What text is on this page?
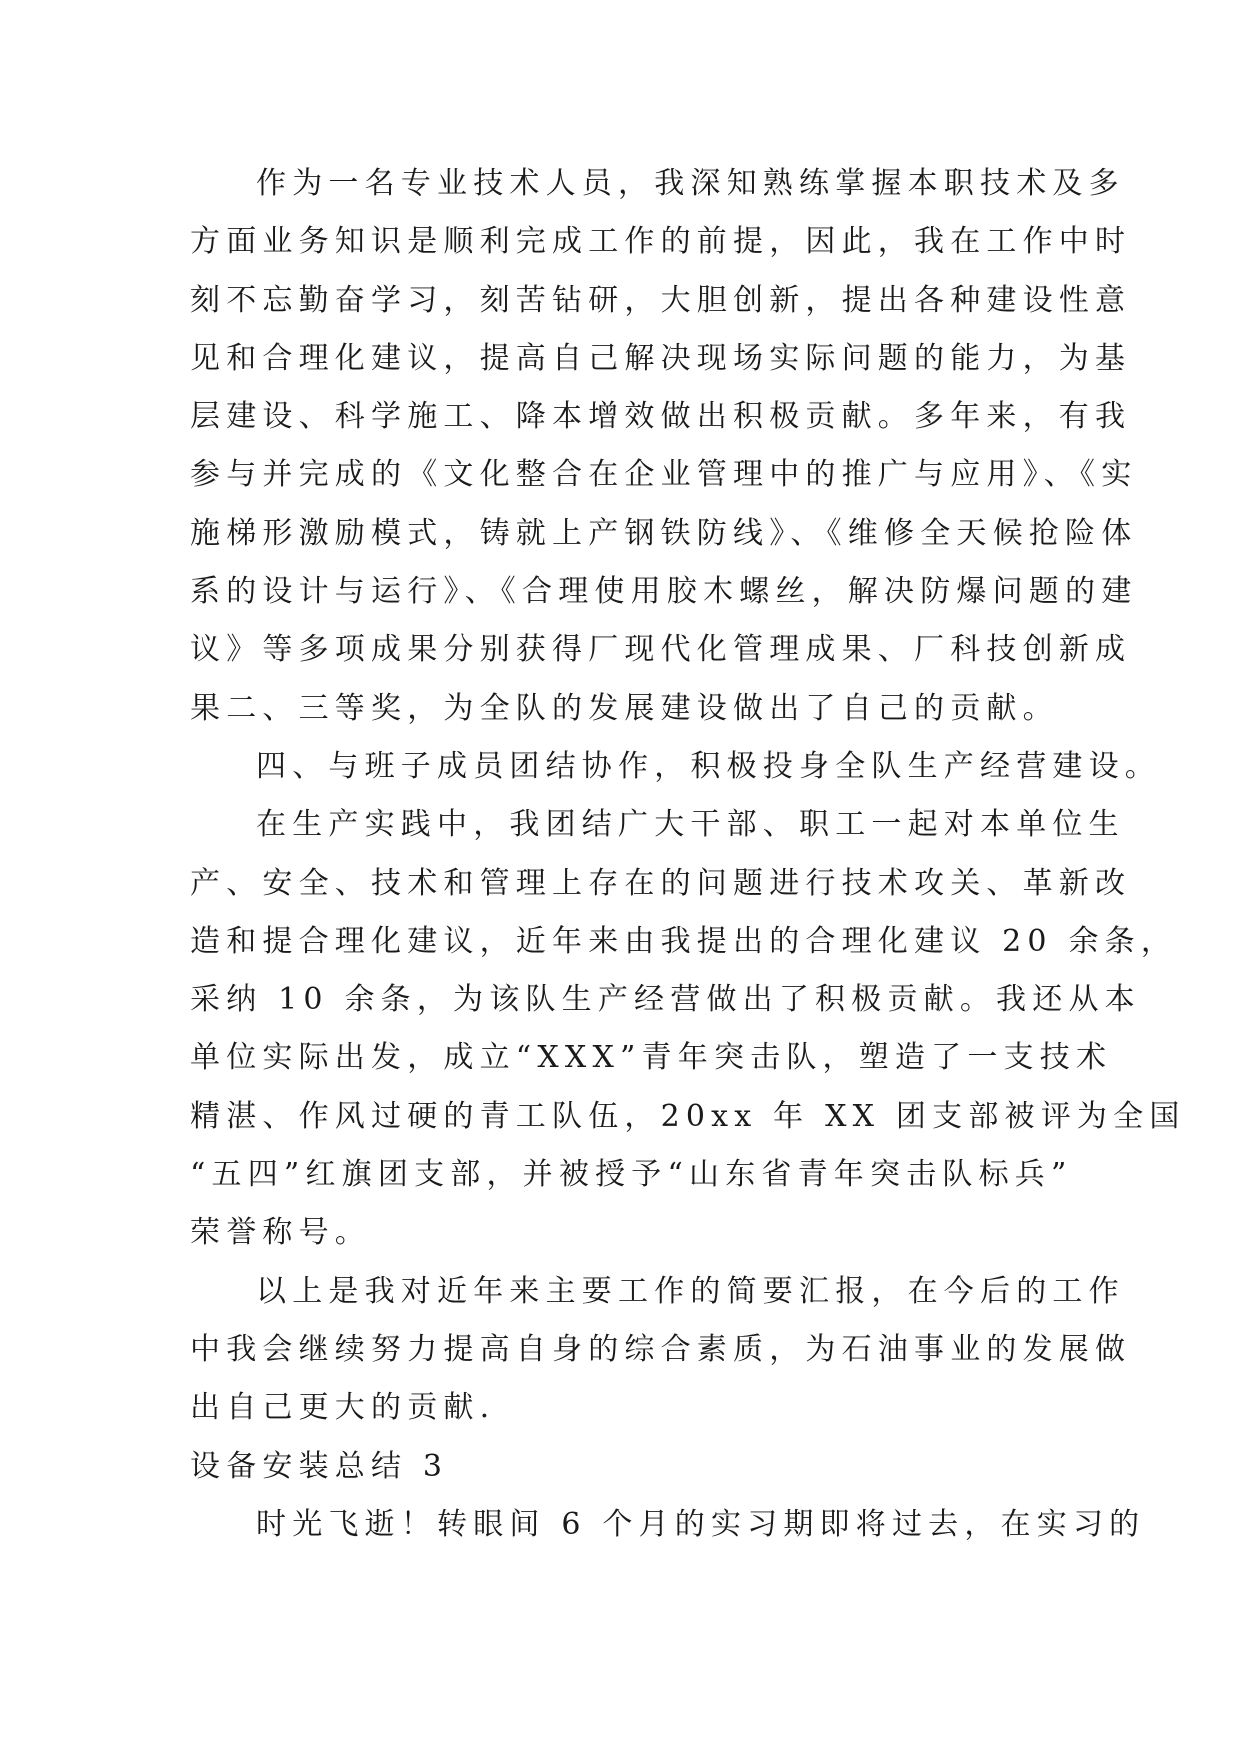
作为一名专业技术人员，我深知熟练掌握本职技术及多
方面业务知识是顺利完成工作的前提，因此，我在工作中时
刻不忘勤奋学习，刻苦钻研，大胆创新，提出各种建设性意
见和合理化建议，提高自己解决现场实际问题的能力，为基
层建设、科学施工、降本增效做出积极贡献。多年来，有我
参与并完成的《文化整合在企业管理中的推广与应用》、《实
施梯形激励模式，铸就上产钢铁防线》、《维修全天候抢险体
系的设计与运行》、《合理使用胶木螺丝，解决防爆问题的建
议》等多项成果分别获得厂现代化管理成果、厂科技创新成
果二、三等奖，为全队的发展建设做出了自己的贡献。
四、与班子成员团结协作，积极投身全队生产经营建设。
在生产实践中，我团结广大干部、职工一起对本单位生
产、安全、技术和管理上存在的问题进行技术攻关、革新改
造和提合理化建议，近年来由我提出的合理化建议 20 余条，
采纳 10 余条，为该队生产经营做出了积极贡献。我还从本
单位实际出发，成立“XXX”青年突击队，塑造了一支技术
精湛、作风过硬的青工队伍，20xx 年 XX 团支部被评为全国
“五四”红旗团支部，并被授予“山东省青年突击队标兵”
荣誉称号。
以上是我对近年来主要工作的简要汇报，在今后的工作
中我会继续努力提高自身的综合素质，为石油事业的发展做
出自己更大的贡献.
设备安装总结 3
时光飞逝！转眼间 6 个月的实习期即将过去，在实习的
